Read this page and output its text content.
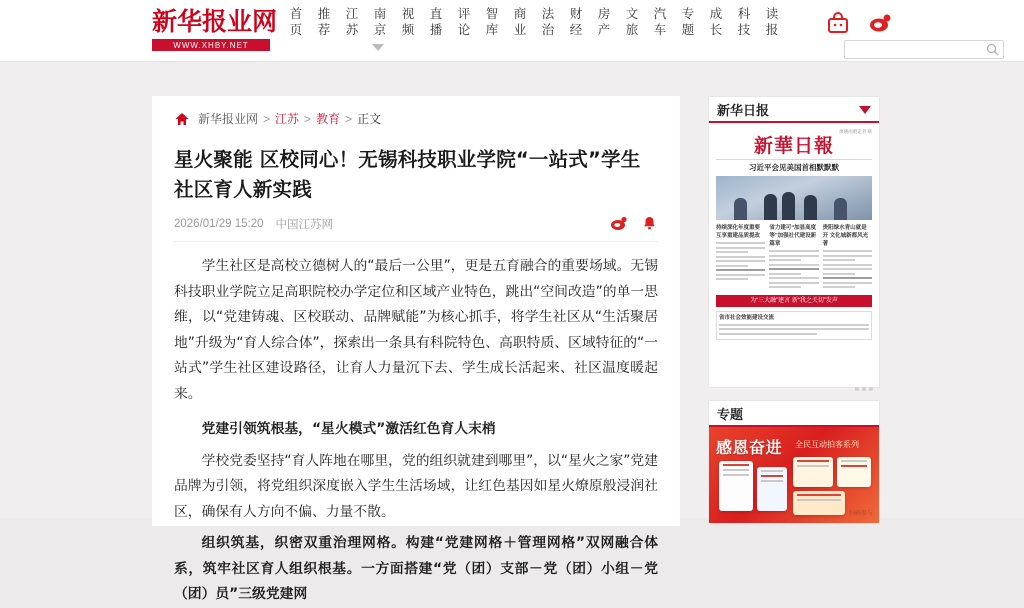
新华报业网
WWW.XHBY.NET
首
页
推
荐
江
苏
南
京
视
频
直
播
评
论
智
库
商
业
法
治
财
经
房
产
文
旅
汽
车
专
题
成
长
科
技
读
报
新华报业网 > 江苏 > 教育 > 正文
星火聚能 区校同心！无锡科技职业学院“一站式”学生社区育人新实践
2026/01/29 15:20 中国江苏网

学生社区是高校立德树人的“最后一公里”，更是五育融合的重要场域。无锡科技职业学院立足高职院校办学定位和区域产业特色，跳出“空间改造”的单一思维，以“党建铸魂、区校联动、品牌赋能”为核心抓手，将学生社区从“生活聚居地”升级为“育人综合体”，探索出一条具有科院特色、高职特质、区域特征的“一站式”学生社区建设路径，让育人力量沉下去、学生成长活起来、社区温度暖起来。

党建引领筑根基，“星火模式”激活红色育人末梢

学校党委坚持“育人阵地在哪里，党的组织就建到哪里”，以“星火之家”党建品牌为引领，将党组织深度嵌入学生生活场域，让红色基因如星火燎原般浸润社区，确保有人方向不偏、力量不散。

组织筑基，织密双重治理网格。构建“党建网格＋管理网格”双网融合体系，筑牢社区育人组织根基。一方面搭建“党（团）支部－党（团）小组－党（团）员”三级党建网

新华日报
康晓雨昭走者 联
新華日報
习近平会见美国首相默默默
持续深化年度重要 互享重建品质提改
省力建可“加显高度等”加强社代建设新篇章
贵阳绿水青山就是 开 文化城新都风光著
为“三大融”建言 新“我之关切”发声
省市社会效能建设交流
专题
感恩奋进 全民互动拍客系列
扫码参与
